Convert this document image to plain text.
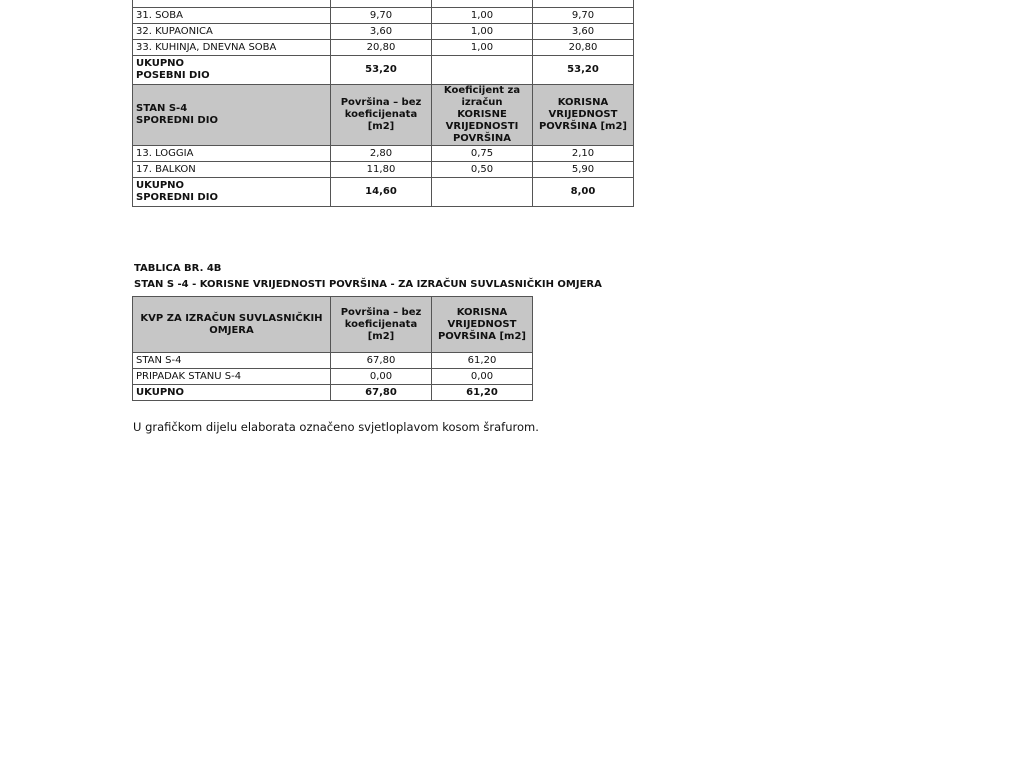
31. SOBA	9,70	1,00	9,70
32. KUPAONICA	3,60	1,00	3,60
33. KUHINJA, DNEVNA SOBA	20,80	1,00	20,80

UKUPNO
POSEBNI DIO	53,20		53,20

STAN S-4
SPOREDNI DIO	Površina – bez koeficijenata [m2]	Koeficijent za izračun KORISNE VRIJEDNOSTI POVRŠINA	KORISNA VRIJEDNOST POVRŠINA [m2]
13. LOGGIA	2,80	0,75	2,10
17. BALKON	11,80	0,50	5,90

UKUPNO
SPOREDNI DIO	14,60		8,00
TABLICA BR. 4B
STAN S -4 - KORISNE VRIJEDNOSTI POVRŠINA - ZA IZRAČUN SUVLASNIČKIH OMJERA
KVP ZA IZRAČUN SUVLASNIČKIH OMJERA	Površina – bez koeficijenata [m2]	KORISNA VRIJEDNOST POVRŠINA [m2]
STAN S-4	67,80	61,20
PRIPADAK STANU S-4	0,00	0,00
UKUPNO	67,80	61,20
U grafičkom dijelu elaborata označeno svjetloplavom kosom šrafurom.
